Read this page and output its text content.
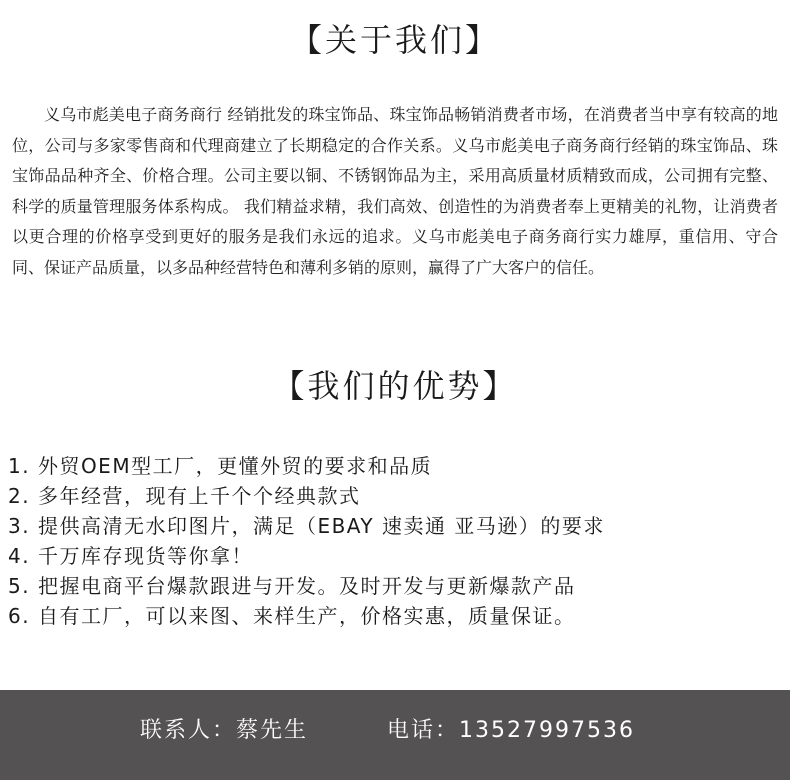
【关于我们】

义乌市彪美电子商务商行 经销批发的珠宝饰品、珠宝饰品畅销消费者市场，在消费者当中享有较高的地位，公司与多家零售商和代理商建立了长期稳定的合作关系。义乌市彪美电子商务商行经销的珠宝饰品、珠宝饰品品种齐全、价格合理。公司主要以铜、不锈钢饰品为主，采用高质量材质精致而成，公司拥有完整、科学的质量管理服务体系构成。 我们精益求精，我们高效、创造性的为消费者奉上更精美的礼物，让消费者以更合理的价格享受到更好的服务是我们永远的追求。义乌市彪美电子商务商行实力雄厚，重信用、守合同、保证产品质量，以多品种经营特色和薄利多销的原则，赢得了广大客户的信任。

【我们的优势】
1. 外贸OEM型工厂，更懂外贸的要求和品质
2. 多年经营，现有上千个个经典款式
3. 提供高清无水印图片，满足（EBAY 速卖通 亚马逊）的要求
4. 千万库存现货等你拿！
5. 把握电商平台爆款跟进与开发。及时开发与更新爆款产品
6. 自有工厂，可以来图、来样生产，价格实惠，质量保证。
联系人：蔡先生	电话：13527997536
